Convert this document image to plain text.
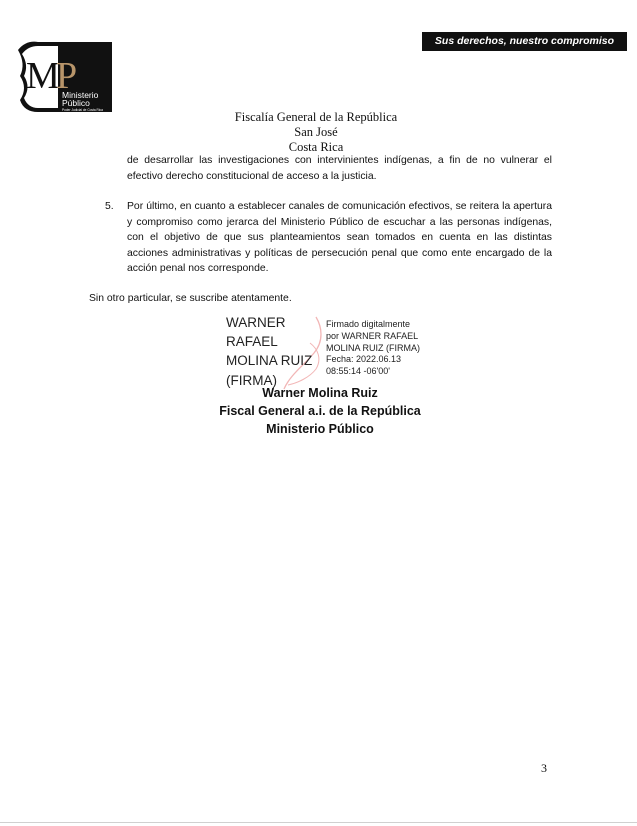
Sus derechos, nuestro compromiso
M
P
Ministerio
Público
Poder Judicial de Costa Rica	Fiscalía General de la República
San José
Costa Rica
de desarrollar las investigaciones con intervinientes indígenas, a fin de no vulnerar el efectivo derecho constitucional de acceso a la justicia.
5. Por último, en cuanto a establecer canales de comunicación efectivos, se reitera la apertura y compromiso como jerarca del Ministerio Público de escuchar a las personas indígenas, con el objetivo de que sus planteamientos sean tomados en cuenta en las distintas acciones administrativas y políticas de persecución penal que como ente encargado de la acción penal nos corresponde.
Sin otro particular, se suscribe atentamente.
WARNER
RAFAEL
MOLINA RUIZ
(FIRMA)
Firmado digitalmente
por WARNER RAFAEL
MOLINA RUIZ (FIRMA)
Fecha: 2022.06.13
08:55:14 -06'00'
Warner Molina Ruiz
Fiscal General a.i. de la República
Ministerio Público
3
